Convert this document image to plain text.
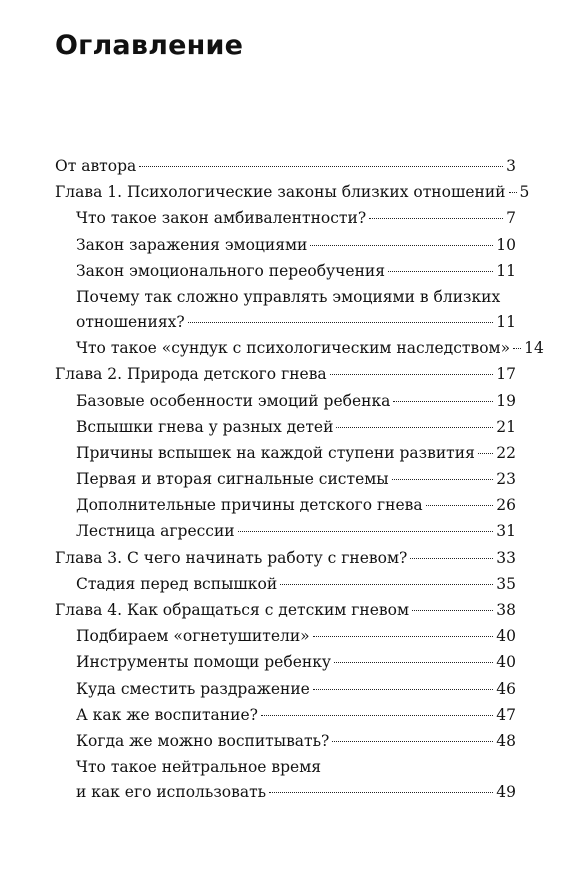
Оглавление
От автора	3
Глава 1. Психологические законы близких отношений 5
Что такое закон амбивалентности?	7
Закон заражения эмоциями	10
Закон эмоционального переобучения	11
Почему так сложно управлять эмоциями в близких
отношениях?	11
Что такое «сундук с психологическим наследством» 14
Глава 2. Природа детского гнева	17
Базовые особенности эмоций ребенка	19
Вспышки гнева у разных детей	21
Причины вспышек на каждой ступени развития 22
Первая и вторая сигнальные системы	23
Дополнительные причины детского гнева	26
Лестница агрессии	31
Глава 3. С чего начинать работу с гневом?	33
Стадия перед вспышкой	35
Глава 4. Как обращаться с детским гневом	38
Подбираем «огнетушители»	40
Инструменты помощи ребенку	40
Куда сместить раздражение	46
А как же воспитание?	47
Когда же можно воспитывать?	48
Что такое нейтральное время
и как его использовать	49
